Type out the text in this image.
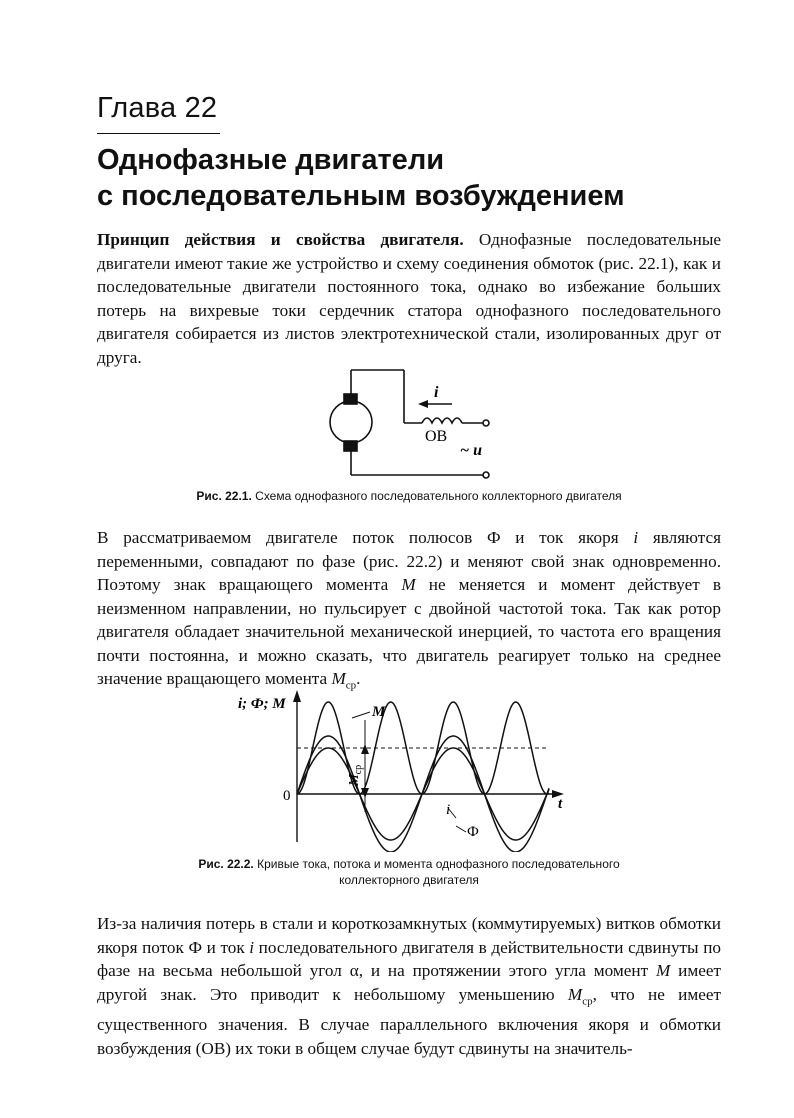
Глава 22
Однофазные двигатели
с последовательным возбуждением

Принцип действия и свойства двигателя. Однофазные последовательные двигатели имеют такие же устройство и схему соединения обмоток (рис. 22.1), как и последовательные двигатели постоянного тока, однако во избежание больших потерь на вихревые токи сердечник статора однофазного последовательного двигателя собирается из листов электротехнической стали, изолированных друг от друга.

i
ОВ
~ u
Рис. 22.1. Схема однофазного последовательного коллекторного двигателя

В рассматриваемом двигателе поток полюсов Ф и ток якоря i являются переменными, совпадают по фазе (рис. 22.2) и меняют свой знак одновременно. Поэтому знак вращающего момента M не меняется и момент действует в неизменном направлении, но пульсирует с двойной частотой тока. Так как ротор двигателя обладает значительной механической инерцией, то частота его вращения почти постоянна, и можно сказать, что двигатель реагирует только на среднее значение вращающего момента $M_{ср}$.

i; Ф; M
t
0
M
$M_{ср}$
i
Ф
Рис. 22.2. Кривые тока, потока и момента однофазного последовательного
коллекторного двигателя

Из-за наличия потерь в стали и короткозамкнутых (коммутируемых) витков обмотки якоря поток Ф и ток i последовательного двигателя в действительности сдвинуты по фазе на весьма небольшой угол α, и на протяжении этого угла момент M имеет другой знак. Это приводит к небольшому уменьшению $M_{ср}$, что не имеет существенного значения. В случае параллельного включения якоря и обмотки возбуждения (ОВ) их токи в общем случае будут сдвинуты на значитель-
